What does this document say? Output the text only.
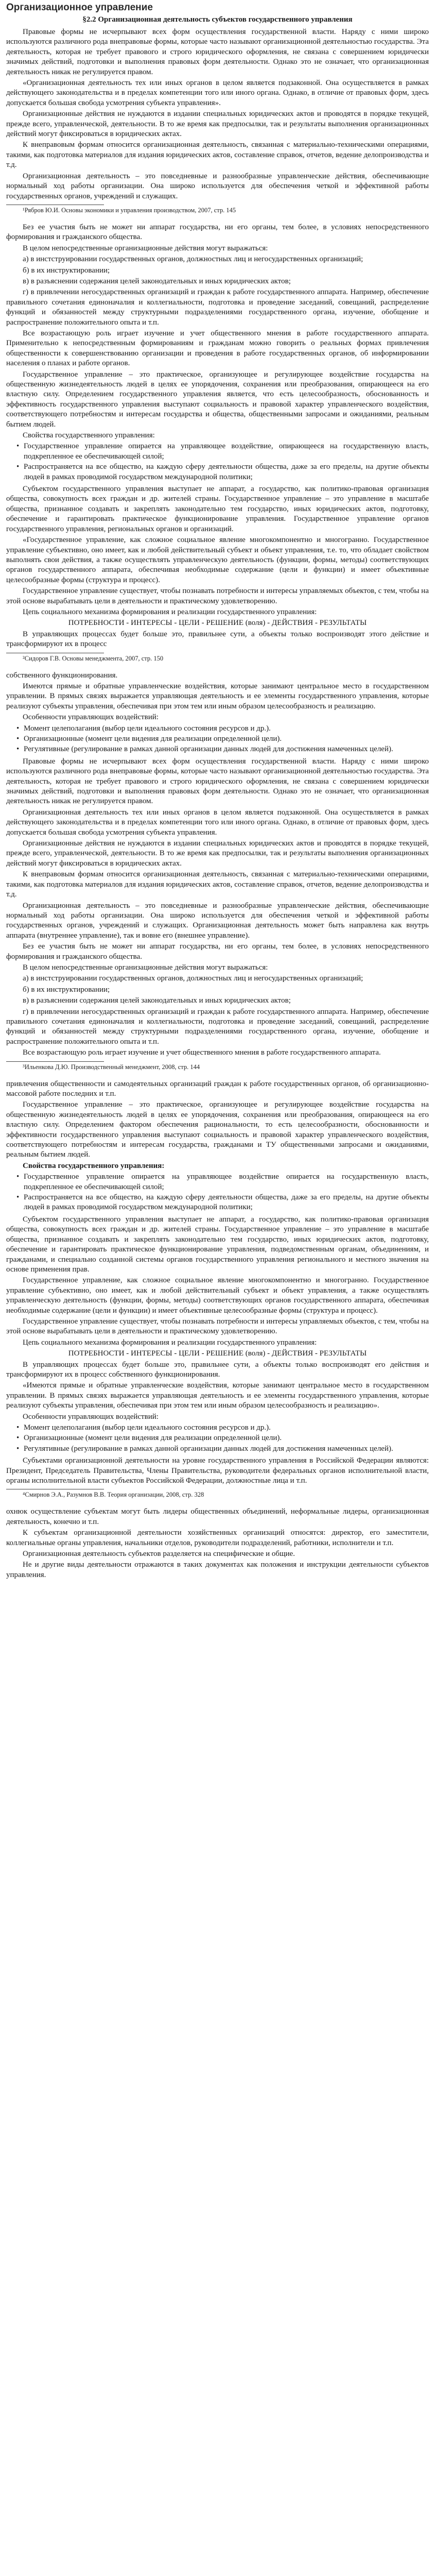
Организационное управление
§2.2 Организационная деятельность субъектов государственного управления

Правовые формы не исчерпывают всех форм осуществления государственной власти. Наряду с ними широко используются различного рода внеправовые формы, которые часто называют организационной деятельностью государства. Эта деятельность, которая не требует правового и строго юридического оформления, не связана с совершением юридически значимых действий, подготовки и выполнения правовых форм деятельности. Однако это не означает, что организационная деятельность никак не регулируется правом.

«Организационная деятельность тех или иных органов в целом является подзаконной. Она осуществляется в рамках действующего законодательства и в пределах компетенции того или иного органа. Однако, в отличие от правовых форм, здесь допускается большая свобода усмотрения субъекта управления».

Организационные действия не нуждаются в издании специальных юридических актов и проводятся в порядке текущей, прежде всего, управленческой, деятельности. В то же время как предпосылки, так и результаты выполнения организационных действий могут фиксироваться в юридических актах.

К внеправовым формам относится организационная деятельность, связанная с материально-техническими операциями, такими, как подготовка материалов для издания юридических актов, составление справок, отчетов, ведение делопроизводства и т.д.

Организационная деятельность – это повседневные и разнообразные управленческие действия, обеспечивающие нормальный ход работы организации. Она широко используется для обеспечения четкой и эффективной работы государственных органов, учреждений и служащих.

¹Рябров Ю.И. Основы экономики и управления производством, 2007, стр. 145

Без ее участия быть не может ни аппарат государства, ни его органы, тем более, в условиях непосредственного формирования и гражданского общества.

В целом непосредственные организационные действия могут выражаться:

а) в инстструировании государственных органов, должностных лиц и негосударственных организаций;

б) в их инструктировании;

в) в разъяснении содержания целей законодательных и иных юридических актов;

г) в привлечении негосударственных организаций и граждан к работе государственного аппарата. Например, обеспечение правильного сочетания единоначалия и коллегиальности, подготовка и проведение заседаний, совещаний, распределение функций и обязанностей между структурными подразделениями государственного органа, изучение, обобщение и распространение положительного опыта и т.п.

Все возрастающую роль играет изучение и учет общественного мнения в работе государственного аппарата. Применительно к непосредственным формированиям и гражданам можно говорить о реальных формах привлечения общественности к совершенствованию организации и проведения в работе государственных органов, об информировании населения о планах и работе органов.

Государственное управление – это практическое, организующее и регулирующее воздействие государства на общественную жизнедеятельность людей в целях ее упорядочения, сохранения или преобразования, опирающееся на его властную силу. Определением государственного управления является, что есть целесообразность, обоснованность и эффективность государственного управления выступают социальность и правовой характер управленческого воздействия, соответствующего потребностям и интересам государства и общества, общественными запросами и ожиданиями, реальным бытием людей.

Свойства государственного управления:

• Государственное управление опирается на управляющее воздействие, опирающееся на государственную власть, подкрепленное ее обеспечивающей силой;
• Распространяется на все общество, на каждую сферу деятельности общества, даже за его пределы, на другие объекты людей в рамках проводимой государством международной политики;

Субъектом государственного управления выступает не аппарат, а государство, как политико-правовая организация общества, совокупность всех граждан и др. жителей страны. Государственное управление – это управление в масштабе общества, признанное создавать и закреплять законодательно тем государство, иных юридических актов, подготовку, обеспечение и гарантировать практическое функционирование управления. Государственное управление органов государственного управления, региональных органов и организаций.

«Государственное управление, как сложное социальное явление многокомпонентно и многогранно. Государственное управление субъективно, оно имеет, как и любой действительный субъект и объект управления, т.е. то, что обладает свойством выполнять свои действия, а также осуществлять управленческую деятельность (функции, формы, методы) соответствующих органов государственного аппарата, обеспечивая необходимые содержание (цели и функции) и имеет объективные целесообразные формы (структура и процесс).

Государственное управление существует, чтобы познавать потребности и интересы управляемых объектов, с тем, чтобы на этой основе вырабатывать цели в деятельности и практическому удовлетворению.

Цепь социального механизма формирования и реализации государственного управления:

ПОТРЕБНОСТИ - ИНТЕРЕСЫ - ЦЕЛИ - РЕШЕНИЕ (воля) - ДЕЙСТВИЯ - РЕЗУЛЬТАТЫ

В управляющих процессах будет больше это, правильнее сути, а объекты только воспроизводят этого действие и трансформируют их в процесс

²Сидоров Г.В. Основы менеджмента, 2007, стр. 150

собственного функционирования.

Имеются прямые и обратные управленческие воздействия, которые занимают центральное место в государственном управлении. В прямых связях выражается управляющая деятельность и ее элементы государственного управления, которые реализуют субъекты управления, обеспечивая при этом тем или иным образом целесообразность и реализацию.

Особенности управляющих воздействий:

• Момент целеполагания (выбор цели идеального состояния ресурсов и др.).
• Организационные (момент цели видения для реализации определенной цели).
• Регулятивные (регулирование в рамках данной организации данных людей для достижения намеченных целей).

Правовые формы не исчерпывают всех форм осуществления государственной власти. Наряду с ними широко используются различного рода внеправовые формы, которые часто называют организационной деятельностью государства. Эта деятельность, которая не требует правового и строго юридического оформления, не связана с совершением юридически значимых действий, подготовки и выполнения правовых форм деятельности. Однако это не означает, что организационная деятельность никак не регулируется правом.

Организационная деятельность тех или иных органов в целом является подзаконной. Она осуществляется в рамках действующего законодательства и в пределах компетенции того или иного органа. Однако, в отличие от правовых форм, здесь допускается большая свобода усмотрения субъекта управления.

Организационные действия не нуждаются в издании специальных юридических актов и проводятся в порядке текущей, прежде всего, управленческой, деятельности. В то же время как предпосылки, так и результаты выполнения организационных действий могут фиксироваться в юридических актах.

К внеправовым формам относится организационная деятельность, связанная с материально-техническими операциями, такими, как подготовка материалов для издания юридических актов, составление справок, отчетов, ведение делопроизводства и т.д.

Организационная деятельность – это повседневные и разнообразные управленческие действия, обеспечивающие нормальный ход работы организации. Она широко используется для обеспечения четкой и эффективной работы государственных органов, учреждений и служащих. Организационная деятельность может быть направлена как внутрь аппарата (внутреннее управление), так и вовне его (внешнее управление).

Без ее участия быть не может ни аппарат государства, ни его органы, тем более, в условиях непосредственного формирования и гражданского общества.

В целом непосредственные организационные действия могут выражаться:

а) в инстструировании государственных органов, должностных лиц и негосударственных организаций;

б) в их инструктировании;

в) в разъяснении содержания целей законодательных и иных юридических актов;

г) в привлечении негосударственных организаций и граждан к работе государственного аппарата. Например, обеспечение правильного сочетания единоначалия и коллегиальности, подготовка и проведение заседаний, совещаний, распределение функций и обязанностей между структурными подразделениями государственного органа, изучение, обобщение и распространение положительного опыта и т.п.

Все возрастающую роль играет изучение и учет общественного мнения в работе государственного аппарата.

³Ильенкова Д.Ю. Производственный менеджмент, 2008, стр. 144

привлечения общественности и самодеятельных организаций граждан к работе государственных органов, об организационно-массовой работе последних и т.п.

Государственное управление – это практическое, организующее и регулирующее воздействие государства на общественную жизнедеятельность людей в целях ее упорядочения, сохранения или преобразования, опирающееся на его властную силу. Определением фактором обеспечения рациональности, то есть целесообразности, обоснованности и эффективности государственного управления выступают социальность и правовой характер управленческого воздействия, соответствующего потребностям и интересам государства, гражданами и ТУ общественными запросами и ожиданиями, реальным бытием людей.

Свойства государственного управления:

• Государственное управление опирается на управляющее воздействие опирается на государственную власть, подкрепленное ее обеспечивающей силой;
• Распространяется на все общество, на каждую сферу деятельности общества, даже за его пределы, на другие объекты людей в рамках проводимой государством международной политики;

Субъектом государственного управления выступает не аппарат, а государство, как политико-правовая организация общества, совокупность всех граждан и др. жителей страны. Государственное управление – это управление в масштабе общества, признанное создавать и закреплять законодательно тем государство, иных юридических актов, подготовку, обеспечение и гарантировать практическое функционирование управления, подведомственным органам, объединениям, и гражданами, и специально созданной системы органов государственного управления регионального и местного значения на основе применения прав.

Государственное управление, как сложное социальное явление многокомпонентно и многогранно. Государственное управление субъективно, оно имеет, как и любой действительный субъект и объект управления, а также осуществлять управленческую деятельность (функции, формы, методы) соответствующих органов государственного аппарата, обеспечивая необходимые содержание (цели и функции) и имеет объективные целесообразные формы (структура и процесс).

Государственное управление существует, чтобы познавать потребности и интересы управляемых объектов, с тем, чтобы на этой основе вырабатывать цели в деятельности и практическому удовлетворению.

Цепь социального механизма формирования и реализации государственного управления:

ПОТРЕБНОСТИ - ИНТЕРЕСЫ - ЦЕЛИ - РЕШЕНИЕ (воля) - ДЕЙСТВИЯ - РЕЗУЛЬТАТЫ

В управляющих процессах будет больше это, правильнее сути, а объекты только воспроизводят его действия и трансформируют их в процесс собственного функционирования.

«Имеются прямые и обратные управленческие воздействия, которые занимают центральное место в государственном управлении. В прямых связях выражается управляющая деятельность и ее элементы государственного управления, которые реализуют субъекты управления, обеспечивая при этом тем или иным образом целесообразность и реализацию».

Особенности управляющих воздействий:

• Момент целеполагания (выбор цели идеального состояния ресурсов и др.).
• Организационные (момент цели видения для реализации определенной цели).
• Регулятивные (регулирование в рамках данной организации данных людей для достижения намеченных целей).

Субъектами организационной деятельности на уровне государственного управления в Российской Федерации являются: Президент, Председатель Правительства, Члены Правительства, руководители федеральных органов исполнительной власти, органы исполнительной власти субъектов Российской Федерации, должностные лица и т.п.

⁴Смирнов Э.А., Разумнов В.В. Теория организации, 2008, стр. 328

охнюк осуществление субъектам могут быть лидеры общественных объединений, неформальные лидеры, организационная деятельность, конечно и т.п.

К субъектам организационной деятельности хозяйственных организаций относятся: директор, его заместители, коллегиальные органы управления, начальники отделов, руководители подразделений, работники, исполнители и т.п.

Организационная деятельность субъектов разделяется на специфические и общие.

Не и другие виды деятельности отражаются в таких документах как положения и инструкции деятельности субъектов управления.
